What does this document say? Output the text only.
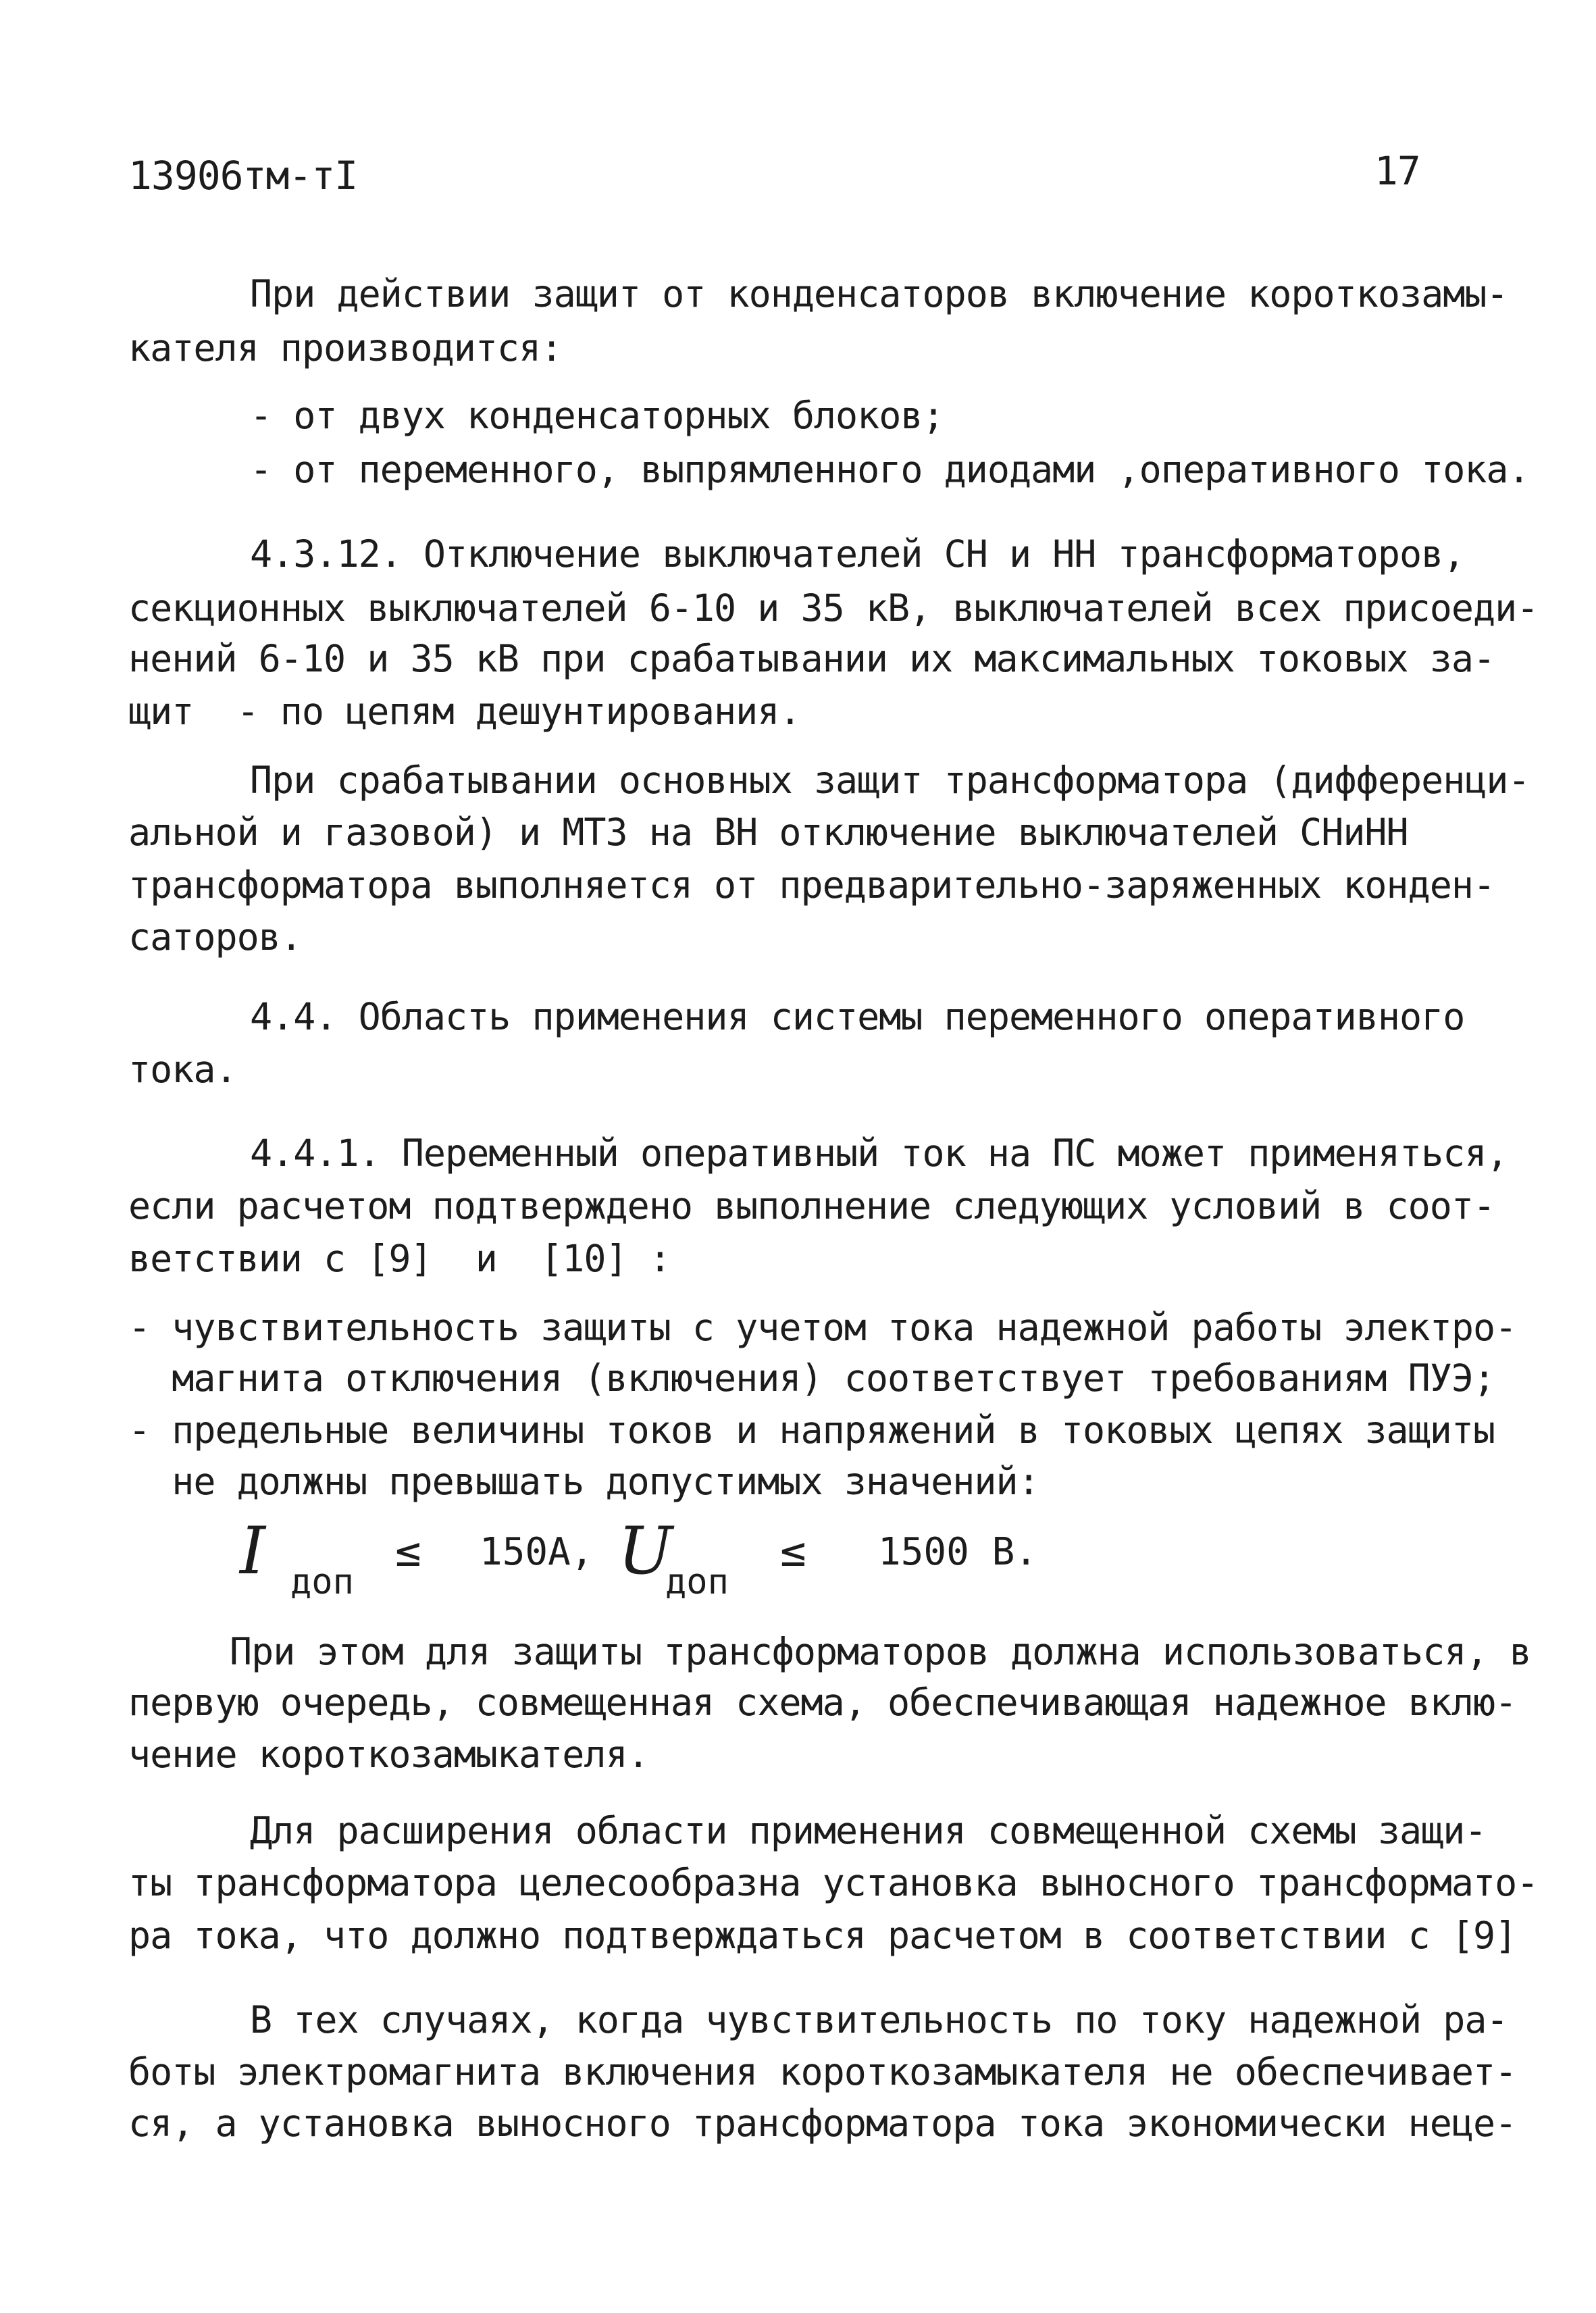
13906тм-тI	17
При действии защит от конденсаторов включение короткозамы-
кателя производится:
- от двух конденсаторных блоков;
- от переменного, выпрямленного диодами ,оперативного тока.
4.3.12. Отключение выключателей СН и НН трансформаторов,
секционных выключателей 6-10 и 35 кВ, выключателей всех присоеди-
нений 6-10 и 35 кВ при срабатывании их максимальных токовых за-
щит  - по цепям дешунтирования.
При срабатывании основных защит трансформатора (дифференци-
альной и газовой) и МТЗ на ВН отключение выключателей СНиНН
трансформатора выполняется от предварительно-заряженных конден-
саторов.
4.4. Область применения системы переменного оперативного
тока.
4.4.1. Переменный оперативный ток на ПС может применяться,
если расчетом подтверждено выполнение следующих условий в соот-
ветствии с [9]  и  [10] :
- чувствительность защиты с учетом тока надежной работы электро-
магнита отключения (включения) соответствует требованиям ПУЭ;
- предельные величины токов и напряжений в токовых цепях защиты
не должны превышать допустимых значений:
I доп
≤ 150А, U
доп
≤ 1500 В.
При этом для защиты трансформаторов должна использоваться, в
первую очередь, совмещенная схема, обеспечивающая надежное вклю-
чение короткозамыкателя.
Для расширения области применения совмещенной схемы защи-
ты трансформатора целесообразна установка выносного трансформато-
ра тока, что должно подтверждаться расчетом в соответствии с [9]
В тех случаях, когда чувствительность по току надежной ра-
боты электромагнита включения короткозамыкателя не обеспечивает-
ся, а установка выносного трансформатора тока экономически неце-
